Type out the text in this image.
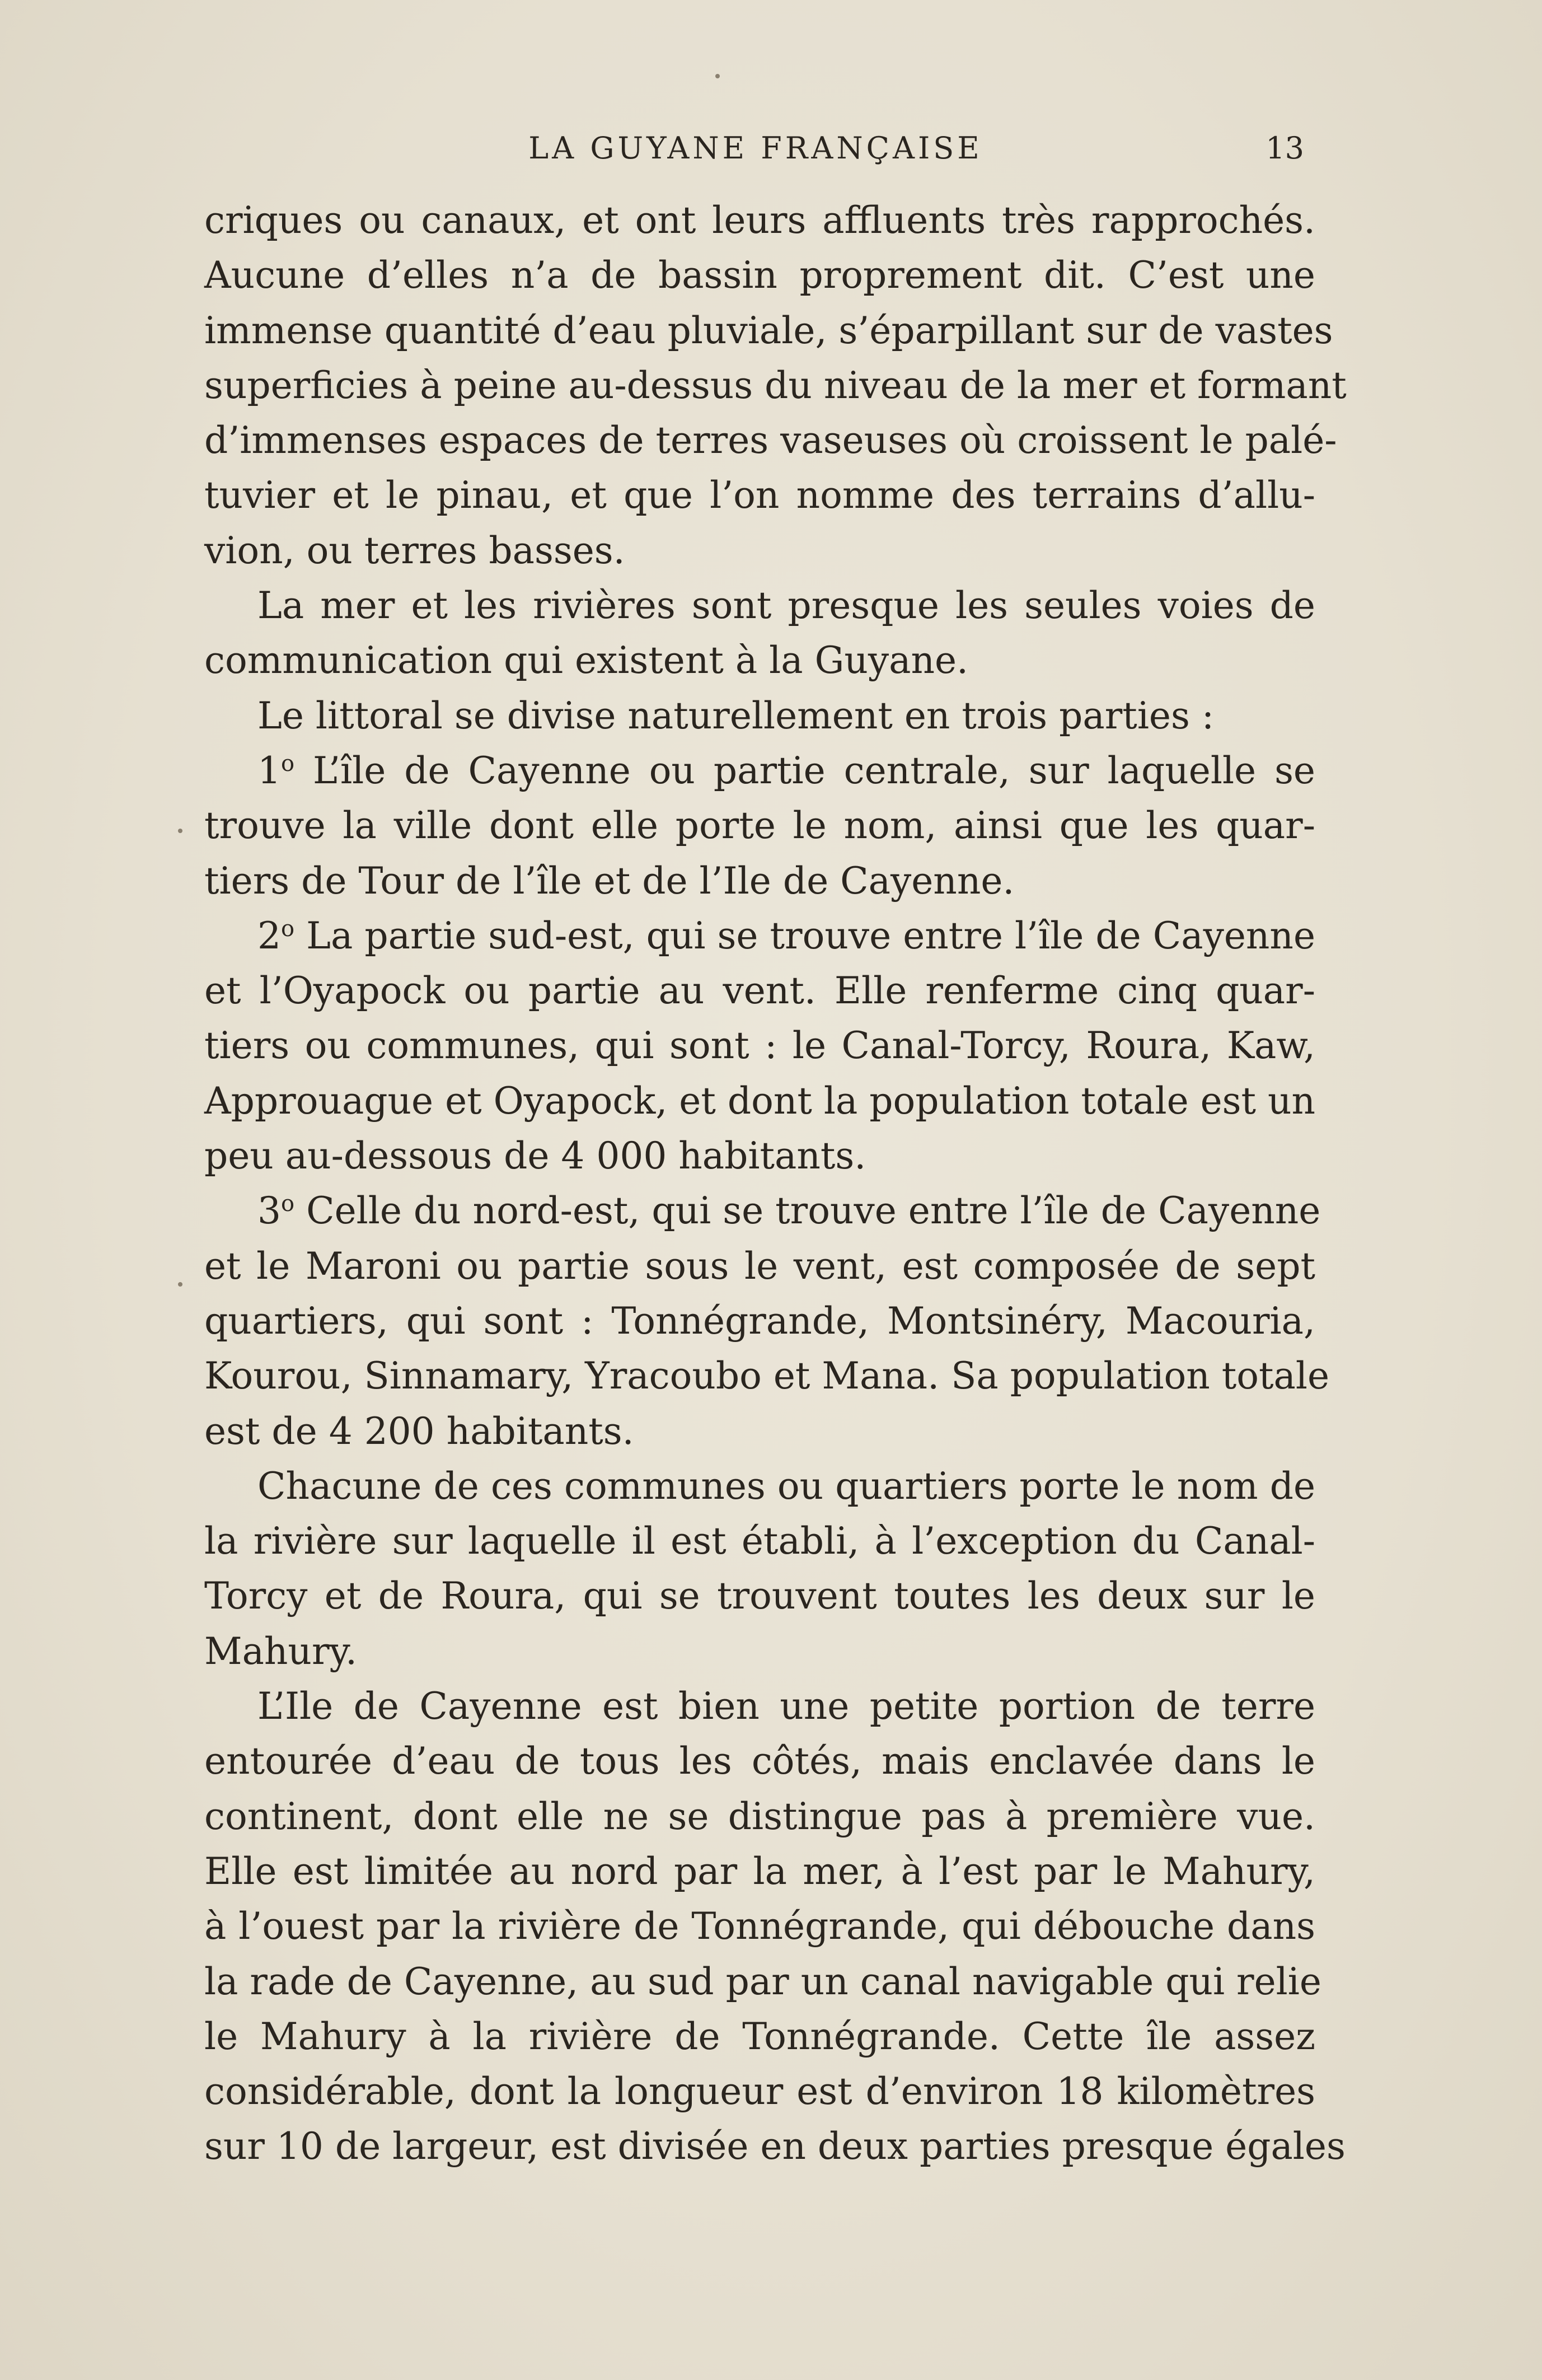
LA GUYANE FRANÇAISE	13
criques ou canaux, et ont leurs affluents très rapprochés.
Aucune d’elles n’a de bassin proprement dit. C’est une
immense quantité d’eau pluviale, s’éparpillant sur de vastes
superficies à peine au-dessus du niveau de la mer et formant
d’immenses espaces de terres vaseuses où croissent le palé-
tuvier et le pinau, et que l’on nomme des terrains d’allu-
vion, ou terres basses.
La mer et les rivières sont presque les seules voies de
communication qui existent à la Guyane.
Le littoral se divise naturellement en trois parties :
1$^o$ L’île de Cayenne ou partie centrale, sur laquelle se
trouve la ville dont elle porte le nom, ainsi que les quar-
tiers de Tour de l’île et de l’Ile de Cayenne.
2$^o$ La partie sud-est, qui se trouve entre l’île de Cayenne
et l’Oyapock ou partie au vent. Elle renferme cinq quar-
tiers ou communes, qui sont : le Canal-Torcy, Roura, Kaw,
Approuague et Oyapock, et dont la population totale est un
peu au-dessous de 4 000 habitants.
3$^o$ Celle du nord-est, qui se trouve entre l’île de Cayenne
et le Maroni ou partie sous le vent, est composée de sept
quartiers, qui sont : Tonnégrande, Montsinéry, Macouria,
Kourou, Sinnamary, Yracoubo et Mana. Sa population totale
est de 4 200 habitants.
Chacune de ces communes ou quartiers porte le nom de
la rivière sur laquelle il est établi, à l’exception du Canal-
Torcy et de Roura, qui se trouvent toutes les deux sur le
Mahury.
L’Ile de Cayenne est bien une petite portion de terre
entourée d’eau de tous les côtés, mais enclavée dans le
continent, dont elle ne se distingue pas à première vue.
Elle est limitée au nord par la mer, à l’est par le Mahury,
à l’ouest par la rivière de Tonnégrande, qui débouche dans
la rade de Cayenne, au sud par un canal navigable qui relie
le Mahury à la rivière de Tonnégrande. Cette île assez
considérable, dont la longueur est d’environ 18 kilomètres
sur 10 de largeur, est divisée en deux parties presque égales
